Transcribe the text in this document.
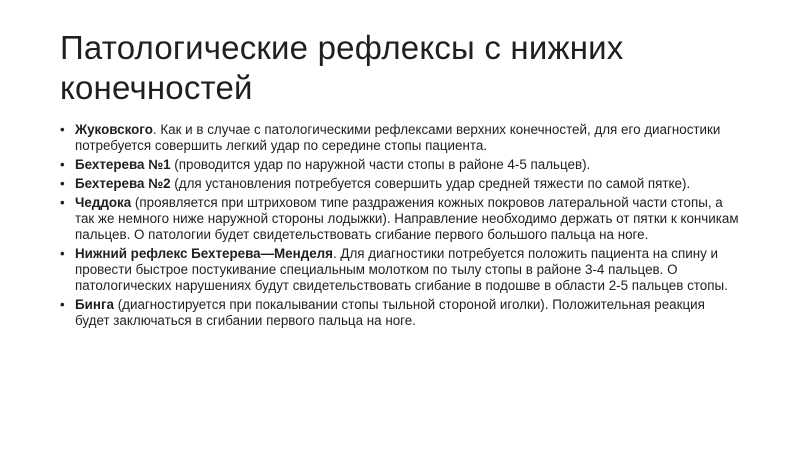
Патологические рефлексы с нижних конечностей
• Жуковского. Как и в случае с патологическими рефлексами верхних конечностей, для его диагностики потребуется совершить легкий удар по середине стопы пациента.
• Бехтерева №1 (проводится удар по наружной части стопы в районе 4-5 пальцев).
• Бехтерева №2 (для установления потребуется совершить удар средней тяжести по самой пятке).
• Чеддока (проявляется при штриховом типе раздражения кожных покровов латеральной части стопы, а так же немного ниже наружной стороны лодыжки). Направление необходимо держать от пятки к кончикам пальцев. О патологии будет свидетельствовать сгибание первого большого пальца на ноге.
• Нижний рефлекс Бехтерева—Менделя. Для диагностики потребуется положить пациента на спину и провести быстрое постукивание специальным молотком по тылу стопы в районе 3-4 пальцев. О патологических нарушениях будут свидетельствовать сгибание в подошве в области 2-5 пальцев стопы.
• Бинга (диагностируется при покалывании стопы тыльной стороной иголки). Положительная реакция будет заключаться в сгибании первого пальца на ноге.
